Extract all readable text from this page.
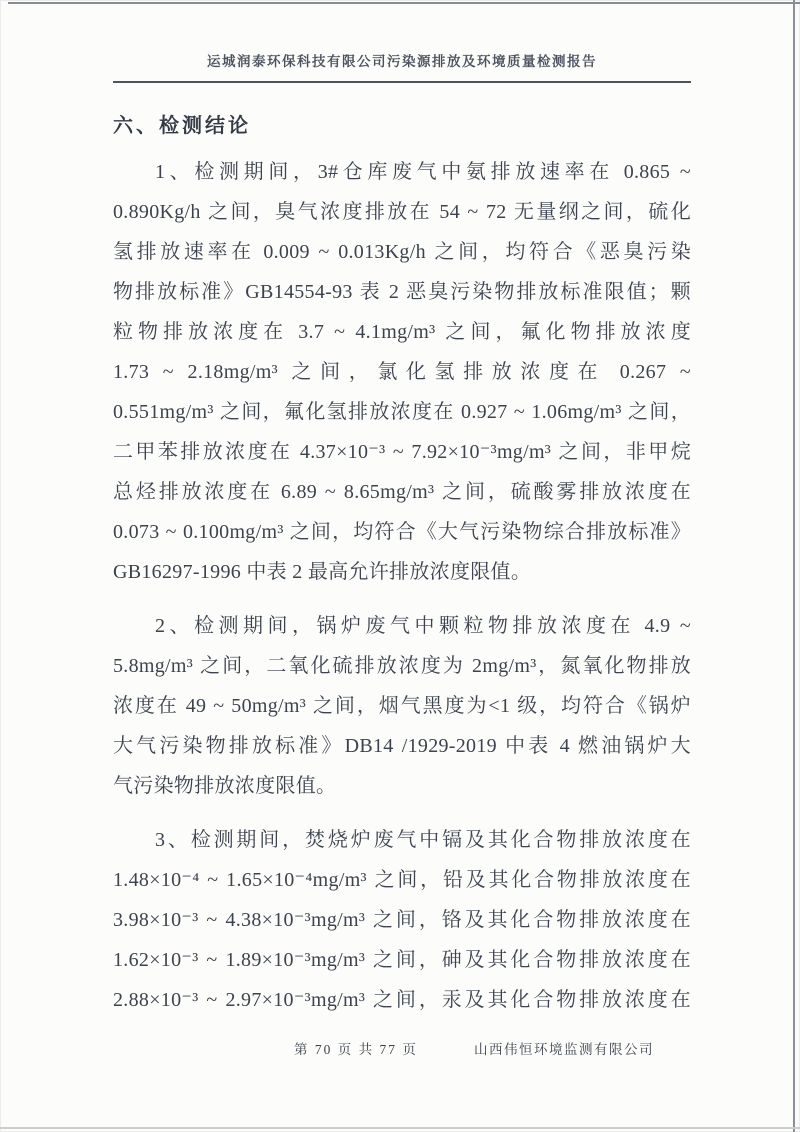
运城润泰环保科技有限公司污染源排放及环境质量检测报告
六、检测结论
1、检测期间，3#仓库废气中氨排放速率在 0.865 ~
0.890Kg/h 之间，臭气浓度排放在 54 ~ 72 无量纲之间，硫化
氢排放速率在 0.009 ~ 0.013Kg/h 之间，均符合《恶臭污染
物排放标准》GB14554-93 表 2 恶臭污染物排放标准限值；颗
粒物排放浓度在 3.7 ~ 4.1mg/m³ 之间，氟化物排放浓度
1.73 ~ 2.18mg/m³ 之间，氯化氢排放浓度在 0.267 ~
0.551mg/m³ 之间，氟化氢排放浓度在 0.927 ~ 1.06mg/m³ 之间，
二甲苯排放浓度在 4.37×10⁻³ ~ 7.92×10⁻³mg/m³ 之间，非甲烷
总烃排放浓度在 6.89 ~ 8.65mg/m³ 之间，硫酸雾排放浓度在
0.073 ~ 0.100mg/m³ 之间，均符合《大气污染物综合排放标准》
GB16297-1996 中表 2 最高允许排放浓度限值。
2、检测期间，锅炉废气中颗粒物排放浓度在 4.9 ~
5.8mg/m³ 之间，二氧化硫排放浓度为 2mg/m³，氮氧化物排放
浓度在 49 ~ 50mg/m³ 之间，烟气黑度为<1 级，均符合《锅炉
大气污染物排放标准》DB14 /1929-2019 中表 4 燃油锅炉大
气污染物排放浓度限值。
3、检测期间，焚烧炉废气中镉及其化合物排放浓度在
1.48×10⁻⁴ ~ 1.65×10⁻⁴mg/m³ 之间，铅及其化合物排放浓度在
3.98×10⁻³ ~ 4.38×10⁻³mg/m³ 之间，铬及其化合物排放浓度在
1.62×10⁻³ ~ 1.89×10⁻³mg/m³ 之间，砷及其化合物排放浓度在
2.88×10⁻³ ~ 2.97×10⁻³mg/m³ 之间，汞及其化合物排放浓度在
第 70 页 共 77 页	山西伟恒环境监测有限公司
